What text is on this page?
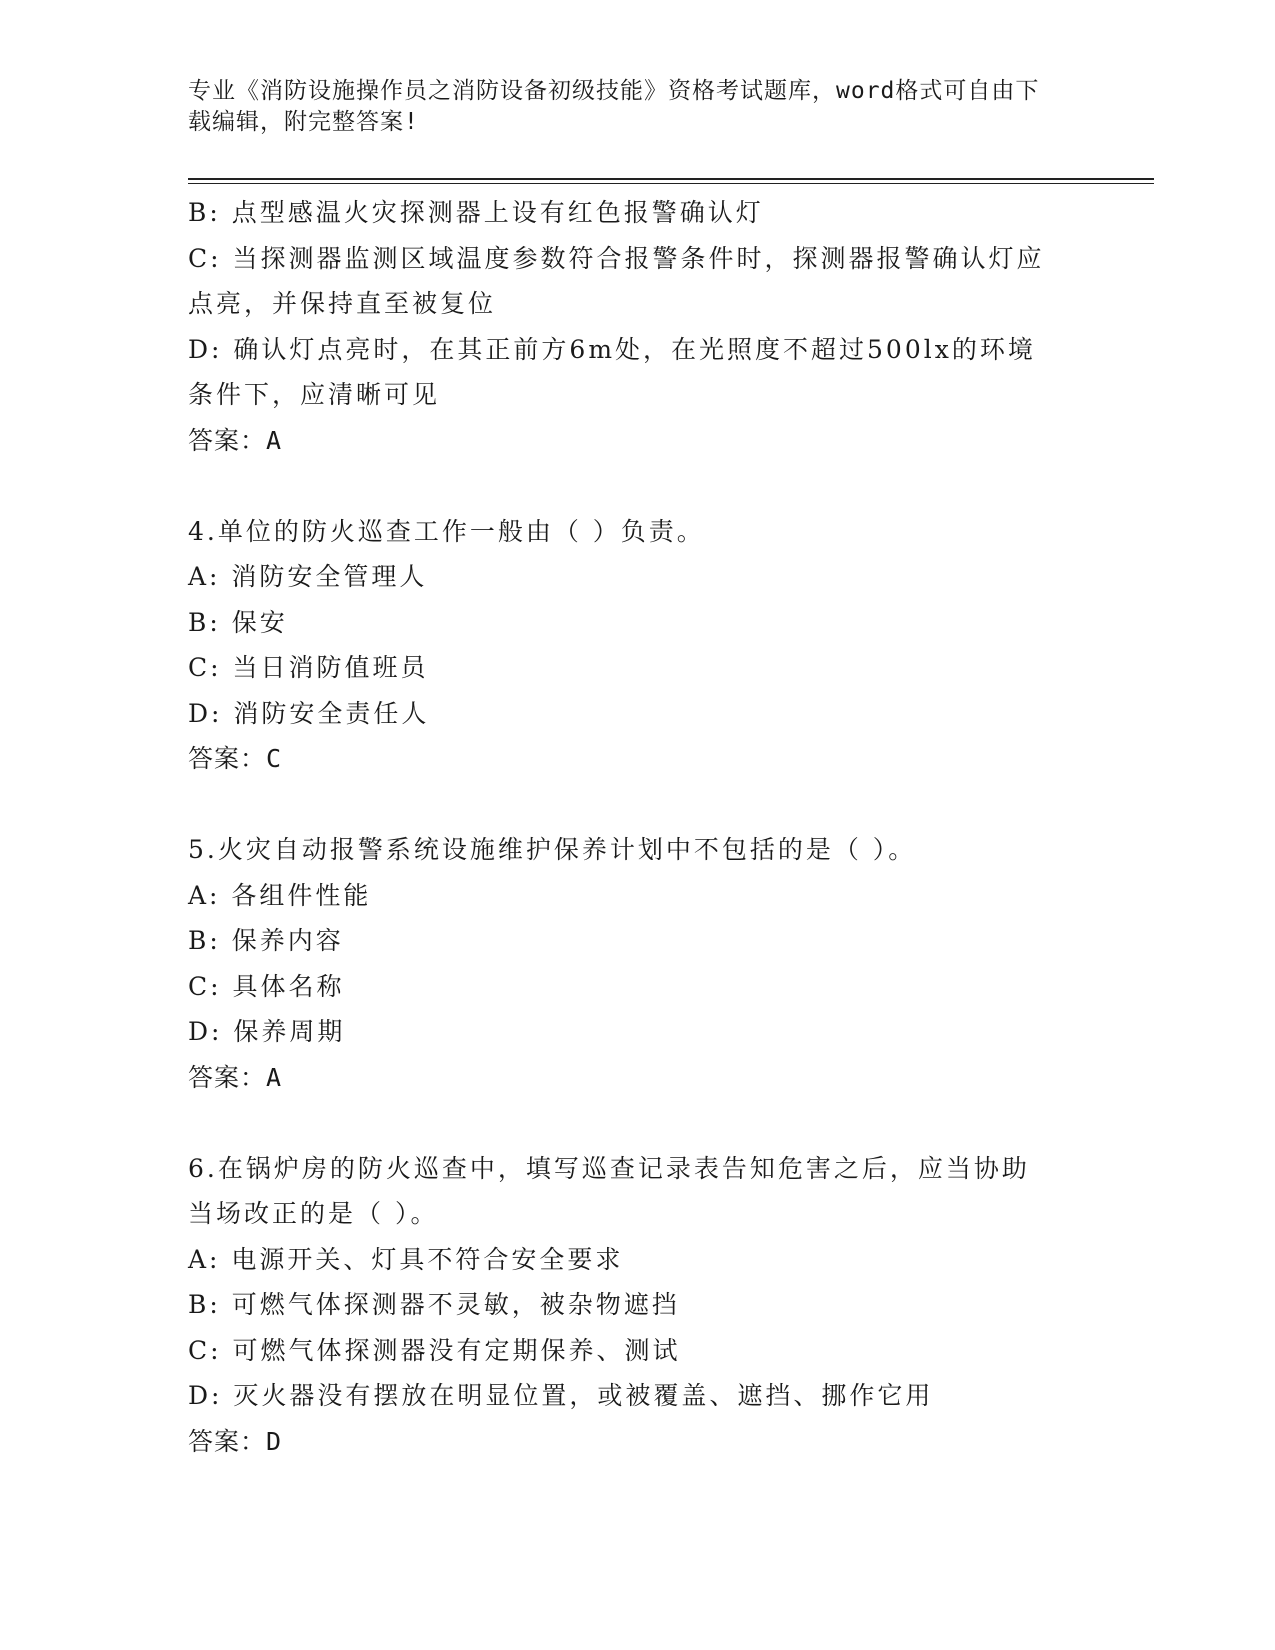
专业《消防设施操作员之消防设备初级技能》资格考试题库，word格式可自由下
载编辑，附完整答案!
B: 点型感温火灾探测器上设有红色报警确认灯
C: 当探测器监测区域温度参数符合报警条件时，探测器报警确认灯应
点亮，并保持直至被复位
D: 确认灯点亮时，在其正前方6m处，在光照度不超过500lx的环境
条件下，应清晰可见
答案：A
4.单位的防火巡查工作一般由（ ）负责。
A: 消防安全管理人
B: 保安
C: 当日消防值班员
D: 消防安全责任人
答案：C
5.火灾自动报警系统设施维护保养计划中不包括的是（ ）。
A: 各组件性能
B: 保养内容
C: 具体名称
D: 保养周期
答案：A
6.在锅炉房的防火巡查中，填写巡查记录表告知危害之后，应当协助
当场改正的是（ ）。
A: 电源开关、灯具不符合安全要求
B: 可燃气体探测器不灵敏，被杂物遮挡
C: 可燃气体探测器没有定期保养、测试
D: 灭火器没有摆放在明显位置，或被覆盖、遮挡、挪作它用
答案：D
